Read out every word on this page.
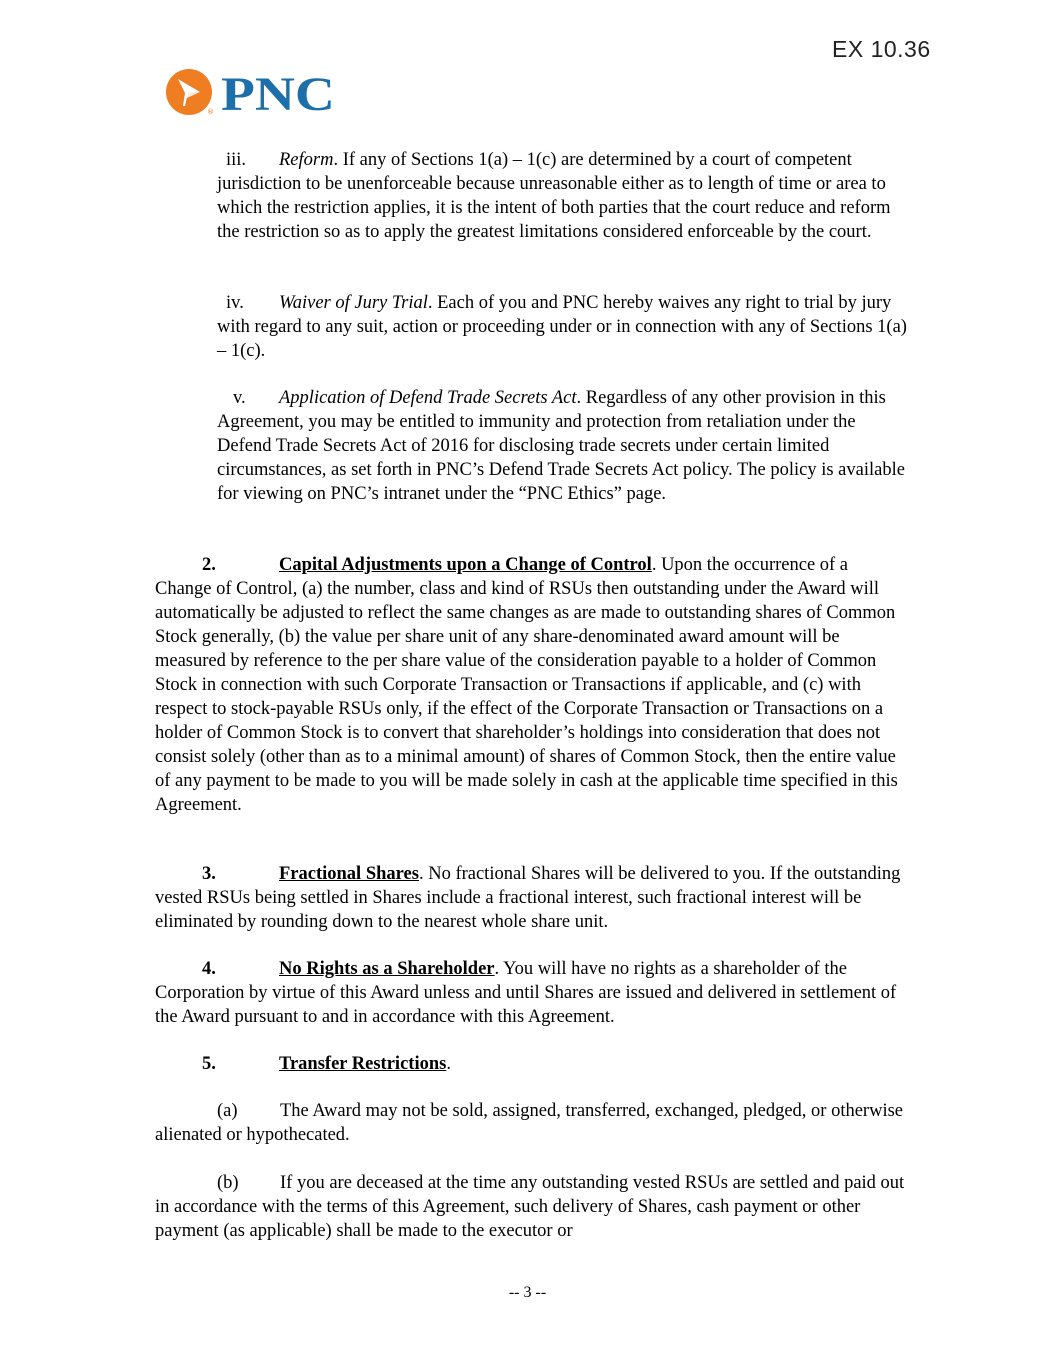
EX 10.36
® PNC

iii. Reform. If any of Sections 1(a) – 1(c) are determined by a court of competent jurisdiction to be unenforceable because unreasonable either as to length of time or area to which the restriction applies, it is the intent of both parties that the court reduce and reform the restriction so as to apply the greatest limitations considered enforceable by the court.

iv. Waiver of Jury Trial. Each of you and PNC hereby waives any right to trial by jury with regard to any suit, action or proceeding under or in connection with any of Sections 1(a) – 1(c).

v. Application of Defend Trade Secrets Act. Regardless of any other provision in this Agreement, you may be entitled to immunity and protection from retaliation under the Defend Trade Secrets Act of 2016 for disclosing trade secrets under certain limited circumstances, as set forth in PNC’s Defend Trade Secrets Act policy. The policy is available for viewing on PNC’s intranet under the “PNC Ethics” page.

2.	Capital Adjustments upon a Change of Control. Upon the occurrence of a Change of Control, (a) the number, class and kind of RSUs then outstanding under the Award will automatically be adjusted to reflect the same changes as are made to outstanding shares of Common Stock generally, (b) the value per share unit of any share-denominated award amount will be measured by reference to the per share value of the consideration payable to a holder of Common Stock in connection with such Corporate Transaction or Transactions if applicable, and (c) with respect to stock-payable RSUs only, if the effect of the Corporate Transaction or Transactions on a holder of Common Stock is to convert that shareholder’s holdings into consideration that does not consist solely (other than as to a minimal amount) of shares of Common Stock, then the entire value of any payment to be made to you will be made solely in cash at the applicable time specified in this Agreement.

3.	Fractional Shares. No fractional Shares will be delivered to you. If the outstanding vested RSUs being settled in Shares include a fractional interest, such fractional interest will be eliminated by rounding down to the nearest whole share unit.

4.	No Rights as a Shareholder. You will have no rights as a shareholder of the Corporation by virtue of this Award unless and until Shares are issued and delivered in settlement of the Award pursuant to and in accordance with this Agreement.

5.	Transfer Restrictions.

(a) The Award may not be sold, assigned, transferred, exchanged, pledged, or otherwise alienated or hypothecated.

(b) If you are deceased at the time any outstanding vested RSUs are settled and paid out in accordance with the terms of this Agreement, such delivery of Shares, cash payment or other payment (as applicable) shall be made to the executor or

-- 3 --
